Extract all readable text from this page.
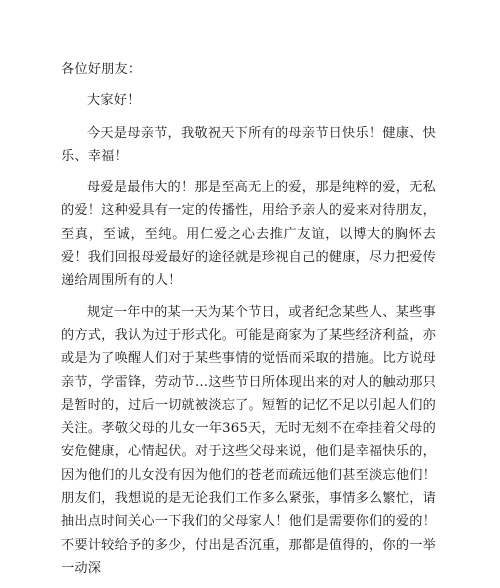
各位好朋友：

大家好！

今天是母亲节，我敬祝天下所有的母亲节日快乐！健康、快乐、幸福！

母爱是最伟大的！那是至高无上的爱，那是纯粹的爱，无私的爱！这种爱具有一定的传播性，用给予亲人的爱来对待朋友，至真，至诚，至纯。用仁爱之心去推广友谊，以博大的胸怀去爱！我们回报母爱最好的途径就是珍视自己的健康，尽力把爱传递给周围所有的人！

规定一年中的某一天为某个节日，或者纪念某些人、某些事的方式，我认为过于形式化。可能是商家为了某些经济利益，亦或是为了唤醒人们对于某些事情的觉悟而采取的措施。比方说母亲节，学雷锋，劳动节…这些节日所体现出来的对人的触动那只是暂时的，过后一切就被淡忘了。短暂的记忆不足以引起人们的关注。孝敬父母的儿女一年365天，无时无刻不在牵挂着父母的安危健康，心情起伏。对于这些父母来说，他们是幸福快乐的，因为他们的儿女没有因为他们的苍老而疏远他们甚至淡忘他们！朋友们，我想说的是无论我们工作多么紧张，事情多么繁忙，请抽出点时间关心一下我们的父母家人！他们是需要你们的爱的！不要计较给予的多少，付出是否沉重，那都是值得的，你的一举一动深
